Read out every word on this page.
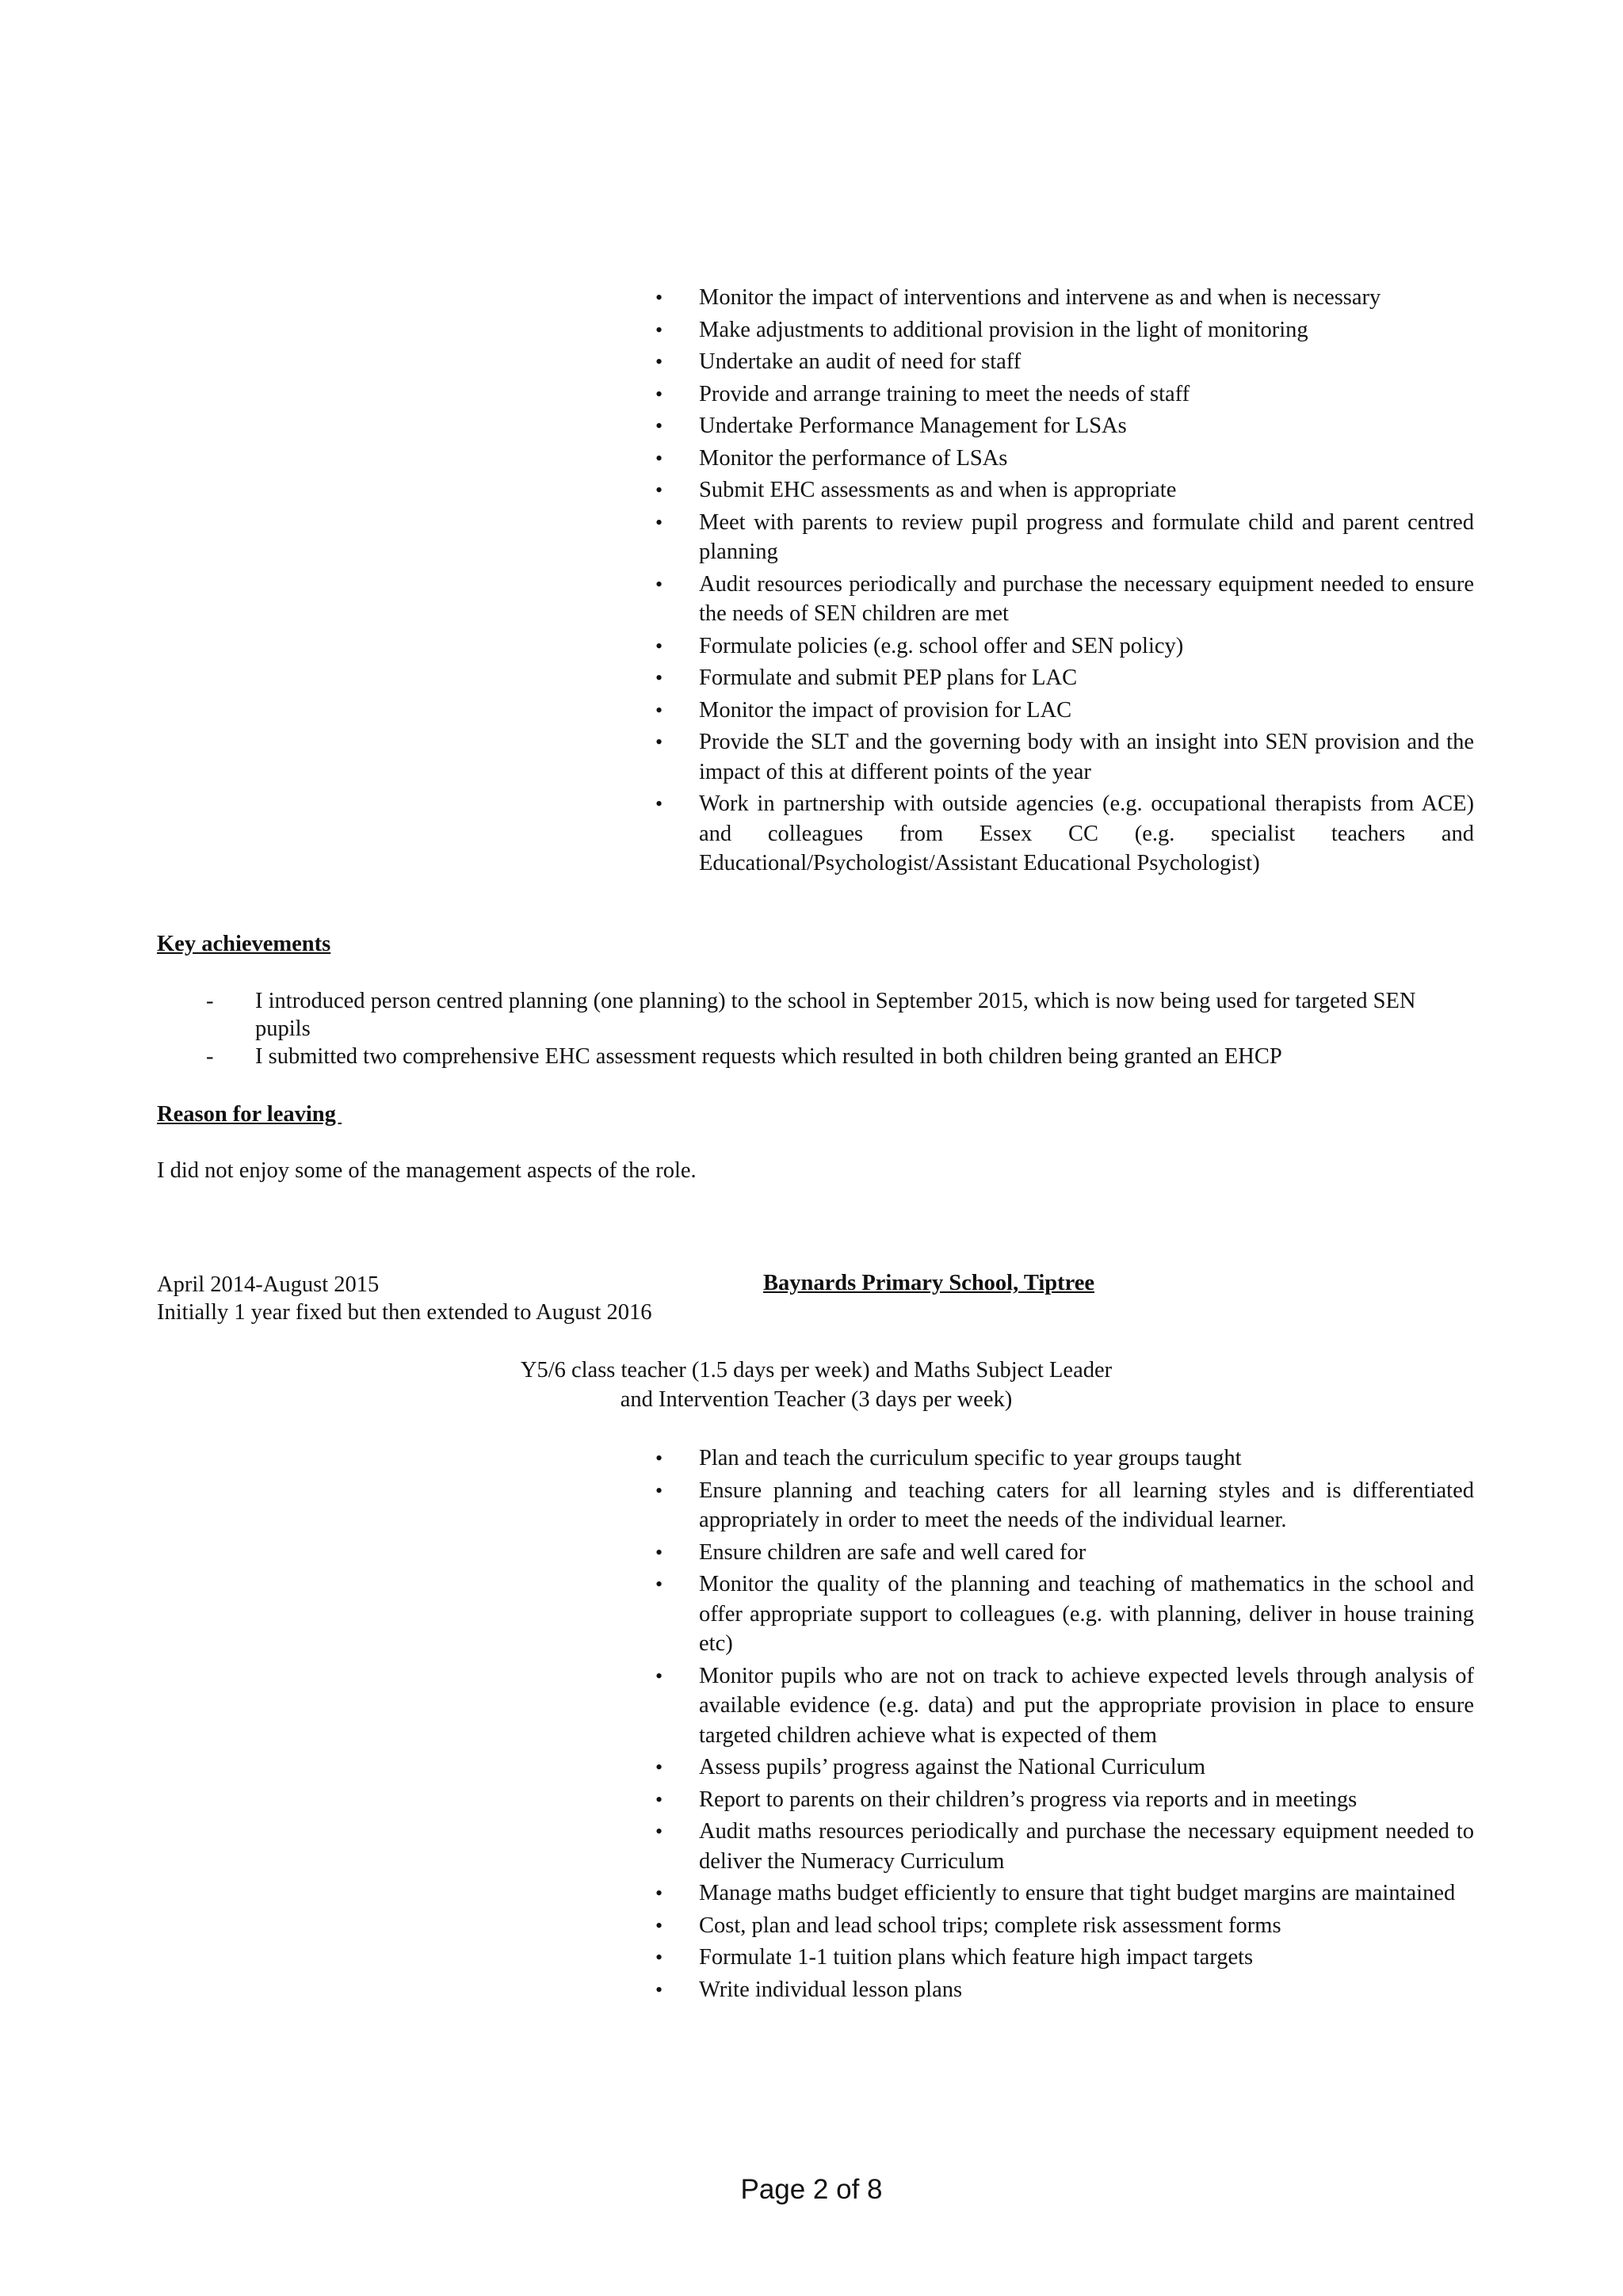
• Monitor the impact of interventions and intervene as and when is necessary
• Make adjustments to additional provision in the light of monitoring
• Undertake an audit of need for staff
• Provide and arrange training to meet the needs of staff
• Undertake Performance Management for LSAs
• Monitor the performance of LSAs
• Submit EHC assessments as and when is appropriate
• Meet with parents to review pupil progress and formulate child and parent centred planning
• Audit resources periodically and purchase the necessary equipment needed to ensure the needs of SEN children are met
• Formulate policies (e.g. school offer and SEN policy)
• Formulate and submit PEP plans for LAC
• Monitor the impact of provision for LAC
• Provide the SLT and the governing body with an insight into SEN provision and the impact of this at different points of the year
• Work in partnership with outside agencies (e.g. occupational therapists from ACE) and colleagues from Essex CC (e.g. specialist teachers and Educational/Psychologist/Assistant Educational Psychologist)
Key achievements
- I introduced person centred planning (one planning) to the school in September 2015, which is now being used for targeted SEN pupils
- I submitted two comprehensive EHC assessment requests which resulted in both children being granted an EHCP
Reason for leaving
I did not enjoy some of the management aspects of the role.
April 2014-August 2015
Initially 1 year fixed but then extended to August 2016
Baynards Primary School, Tiptree
Y5/6 class teacher (1.5 days per week) and Maths Subject Leader
and Intervention Teacher (3 days per week)
• Plan and teach the curriculum specific to year groups taught
• Ensure planning and teaching caters for all learning styles and is differentiated appropriately in order to meet the needs of the individual learner.
• Ensure children are safe and well cared for
• Monitor the quality of the planning and teaching of mathematics in the school and offer appropriate support to colleagues (e.g. with planning, deliver in house training etc)
• Monitor pupils who are not on track to achieve expected levels through analysis of available evidence (e.g. data) and put the appropriate provision in place to ensure targeted children achieve what is expected of them
• Assess pupils’ progress against the National Curriculum
• Report to parents on their children’s progress via reports and in meetings
• Audit maths resources periodically and purchase the necessary equipment needed to deliver the Numeracy Curriculum
• Manage maths budget efficiently to ensure that tight budget margins are maintained
• Cost, plan and lead school trips; complete risk assessment forms
• Formulate 1-1 tuition plans which feature high impact targets
• Write individual lesson plans
Page 2 of 8
